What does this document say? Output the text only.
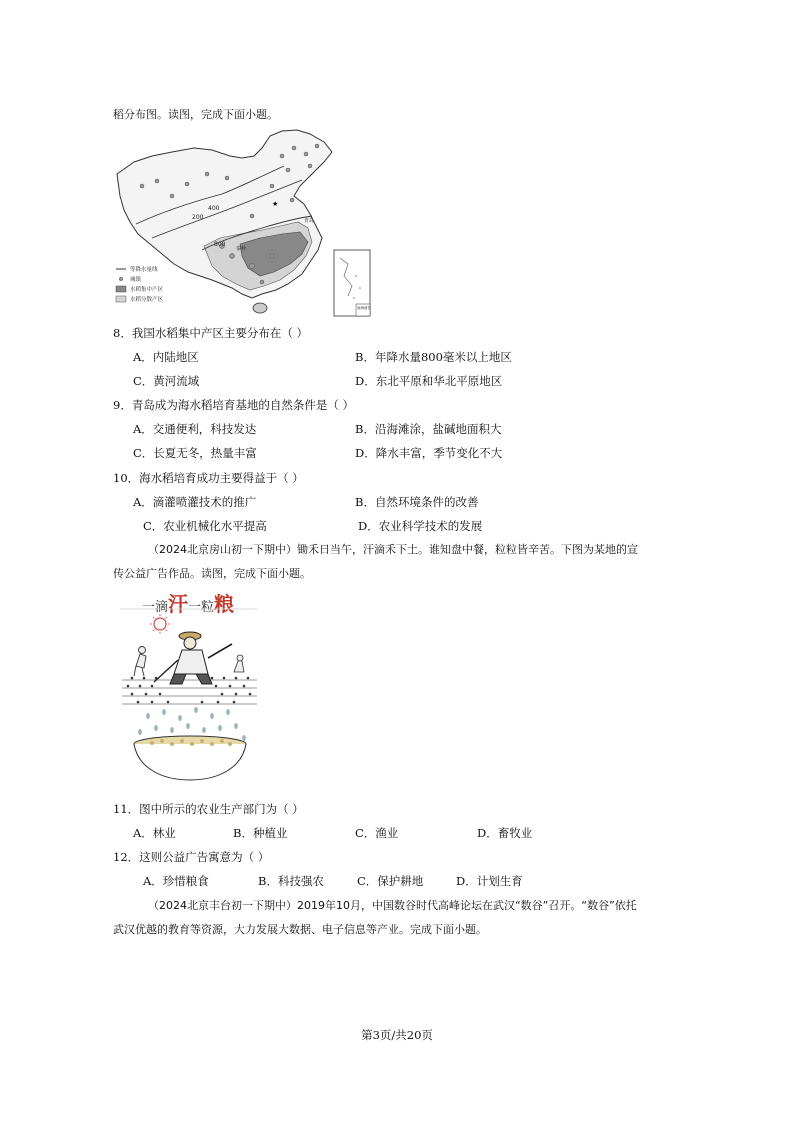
稻分布图。读图，完成下面小题。
200
400
800
秦岭
青岛
★
南海诸岛
等降水量线
城镇
水稻集中产区
水稻分散产区
8．我国水稻集中产区主要分布在（ ）
A．内陆地区	B．年降水量800毫米以上地区
C．黄河流域	D．东北平原和华北平原地区
9．青岛成为海水稻培育基地的自然条件是（ ）
A．交通便利，科技发达	B．沿海滩涂，盐碱地面积大
C．长夏无冬，热量丰富	D．降水丰富，季节变化不大
10．海水稻培育成功主要得益于（ ）
A．滴灌喷灌技术的推广	B．自然环境条件的改善
C．农业机械化水平提高	D．农业科学技术的发展
（2024北京房山初一下期中）锄禾日当午，汗滴禾下土。谁知盘中餐，粒粒皆辛苦。下图为某地的宣
传公益广告作品。读图，完成下面小题。
一滴汗一粒粮
11．图中所示的农业生产部门为（ ）
A．林业	B．种植业	C．渔业	D．畜牧业
12．这则公益广告寓意为（ ）
A．珍惜粮食	B．科技强农	C．保护耕地	D．计划生育
（2024北京丰台初一下期中）2019年10月，中国数谷时代高峰论坛在武汉“数谷”召开。“数谷”依托
武汉优越的教育等资源，大力发展大数据、电子信息等产业。完成下面小题。
第3页/共20页
